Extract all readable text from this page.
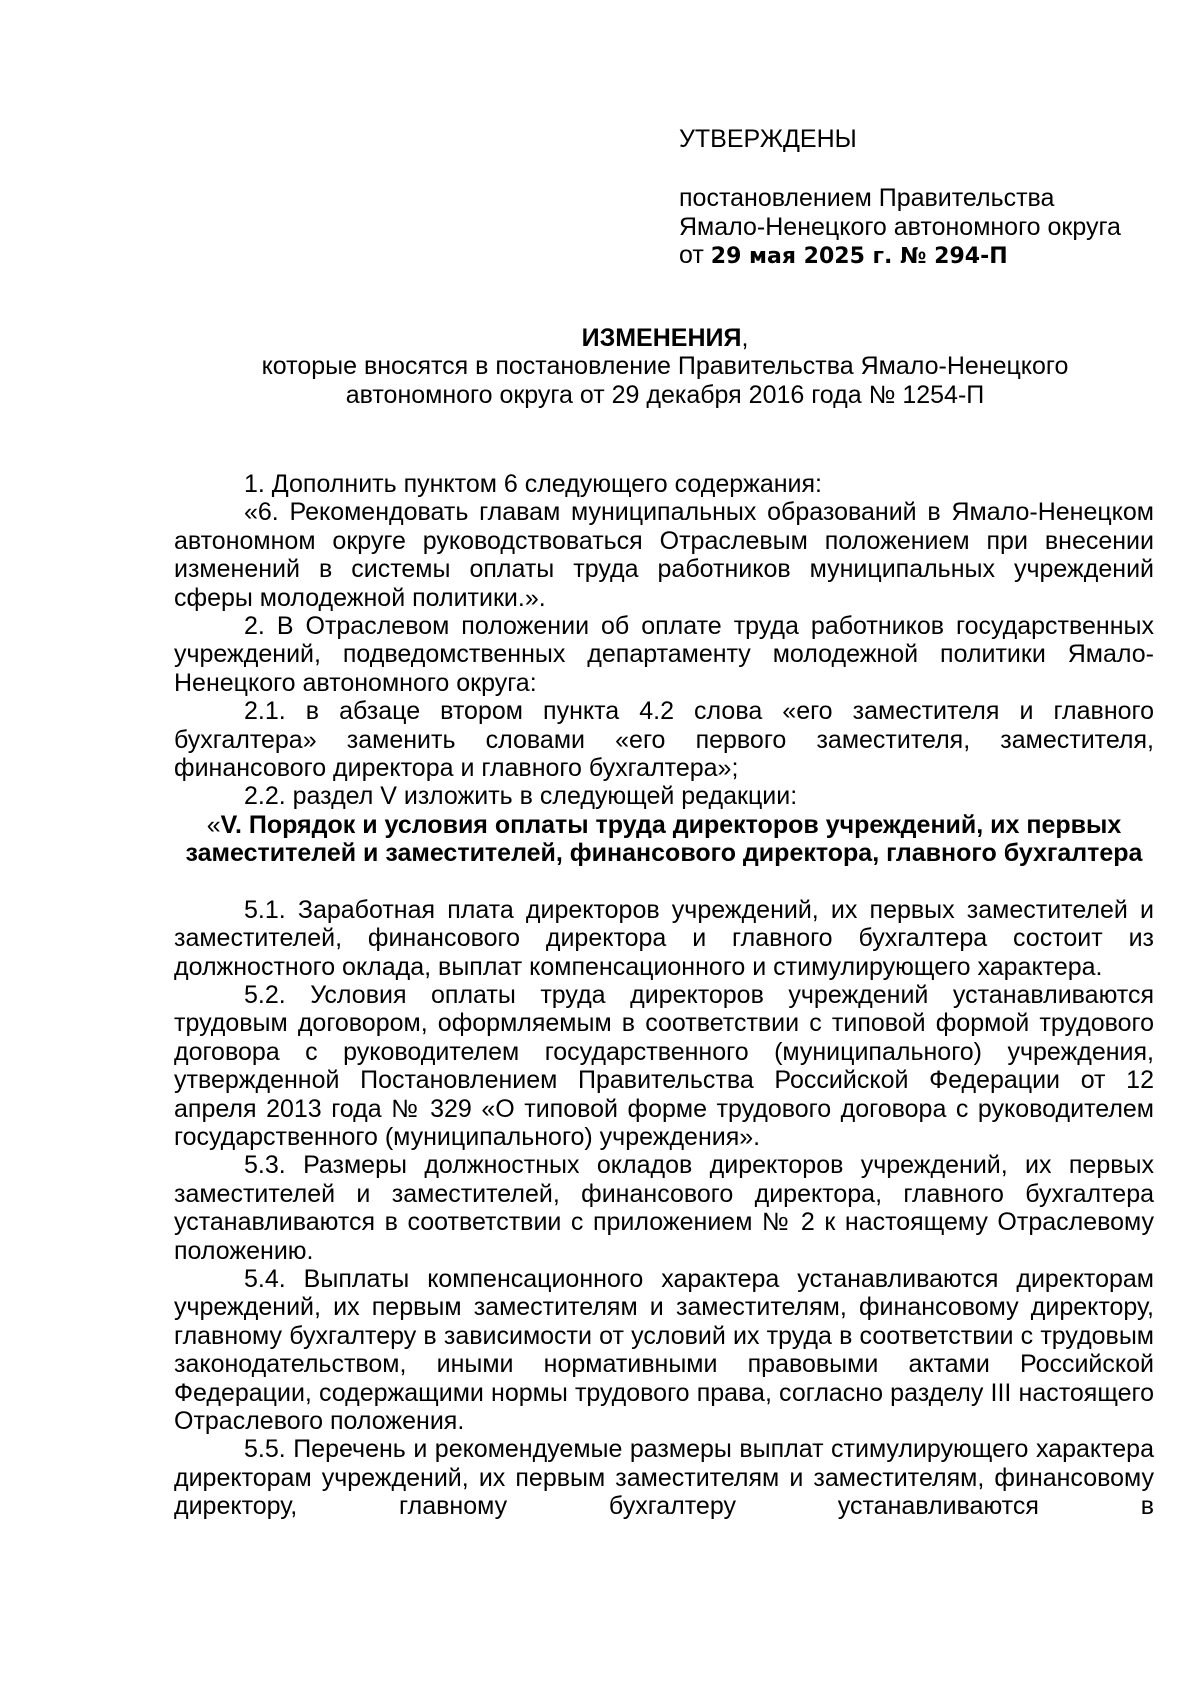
УТВЕРЖДЕНЫ
постановлением Правительства
Ямало-Ненецкого автономного округа
от 29 мая 2025 г. № 294-П
ИЗМЕНЕНИЯ,
которые вносятся в постановление Правительства Ямало-Ненецкого
автономного округа от 29 декабря 2016 года № 1254-П

1. Дополнить пунктом 6 следующего содержания:

«6. Рекомендовать главам муниципальных образований в Ямало-Ненецком автономном округе руководствоваться Отраслевым положением при внесении изменений в системы оплаты труда работников муниципальных учреждений сферы молодежной политики.».

2. В Отраслевом положении об оплате труда работников государственных учреждений, подведомственных департаменту молодежной политики Ямало-Ненецкого автономного округа:

2.1. в абзаце втором пункта 4.2 слова «его заместителя и главного бухгалтера» заменить словами «его первого заместителя, заместителя, финансового директора и главного бухгалтера»;

2.2. раздел V изложить в следующей редакции:

«V. Порядок и условия оплаты труда директоров учреждений, их первых заместителей и заместителей, финансового директора, главного бухгалтера

5.1. Заработная плата директоров учреждений, их первых заместителей и заместителей, финансового директора и главного бухгалтера состоит из должностного оклада, выплат компенсационного и стимулирующего характера.

5.2. Условия оплаты труда директоров учреждений устанавливаются трудовым договором, оформляемым в соответствии с типовой формой трудового договора с руководителем государственного (муниципального) учреждения, утвержденной Постановлением Правительства Российской Федерации от 12 апреля 2013 года № 329 «О типовой форме трудового договора с руководителем государственного (муниципального) учреждения».

5.3. Размеры должностных окладов директоров учреждений, их первых заместителей и заместителей, финансового директора, главного бухгалтера устанавливаются в соответствии с приложением № 2 к настоящему Отраслевому положению.

5.4. Выплаты компенсационного характера устанавливаются директорам учреждений, их первым заместителям и заместителям, финансовому директору, главному бухгалтеру в зависимости от условий их труда в соответствии с трудовым законодательством, иными нормативными правовыми актами Российской Федерации, содержащими нормы трудового права, согласно разделу III настоящего Отраслевого положения.

5.5. Перечень и рекомендуемые размеры выплат стимулирующего характера директорам учреждений, их первым заместителям и заместителям, финансовому директору, главному бухгалтеру устанавливаются в
